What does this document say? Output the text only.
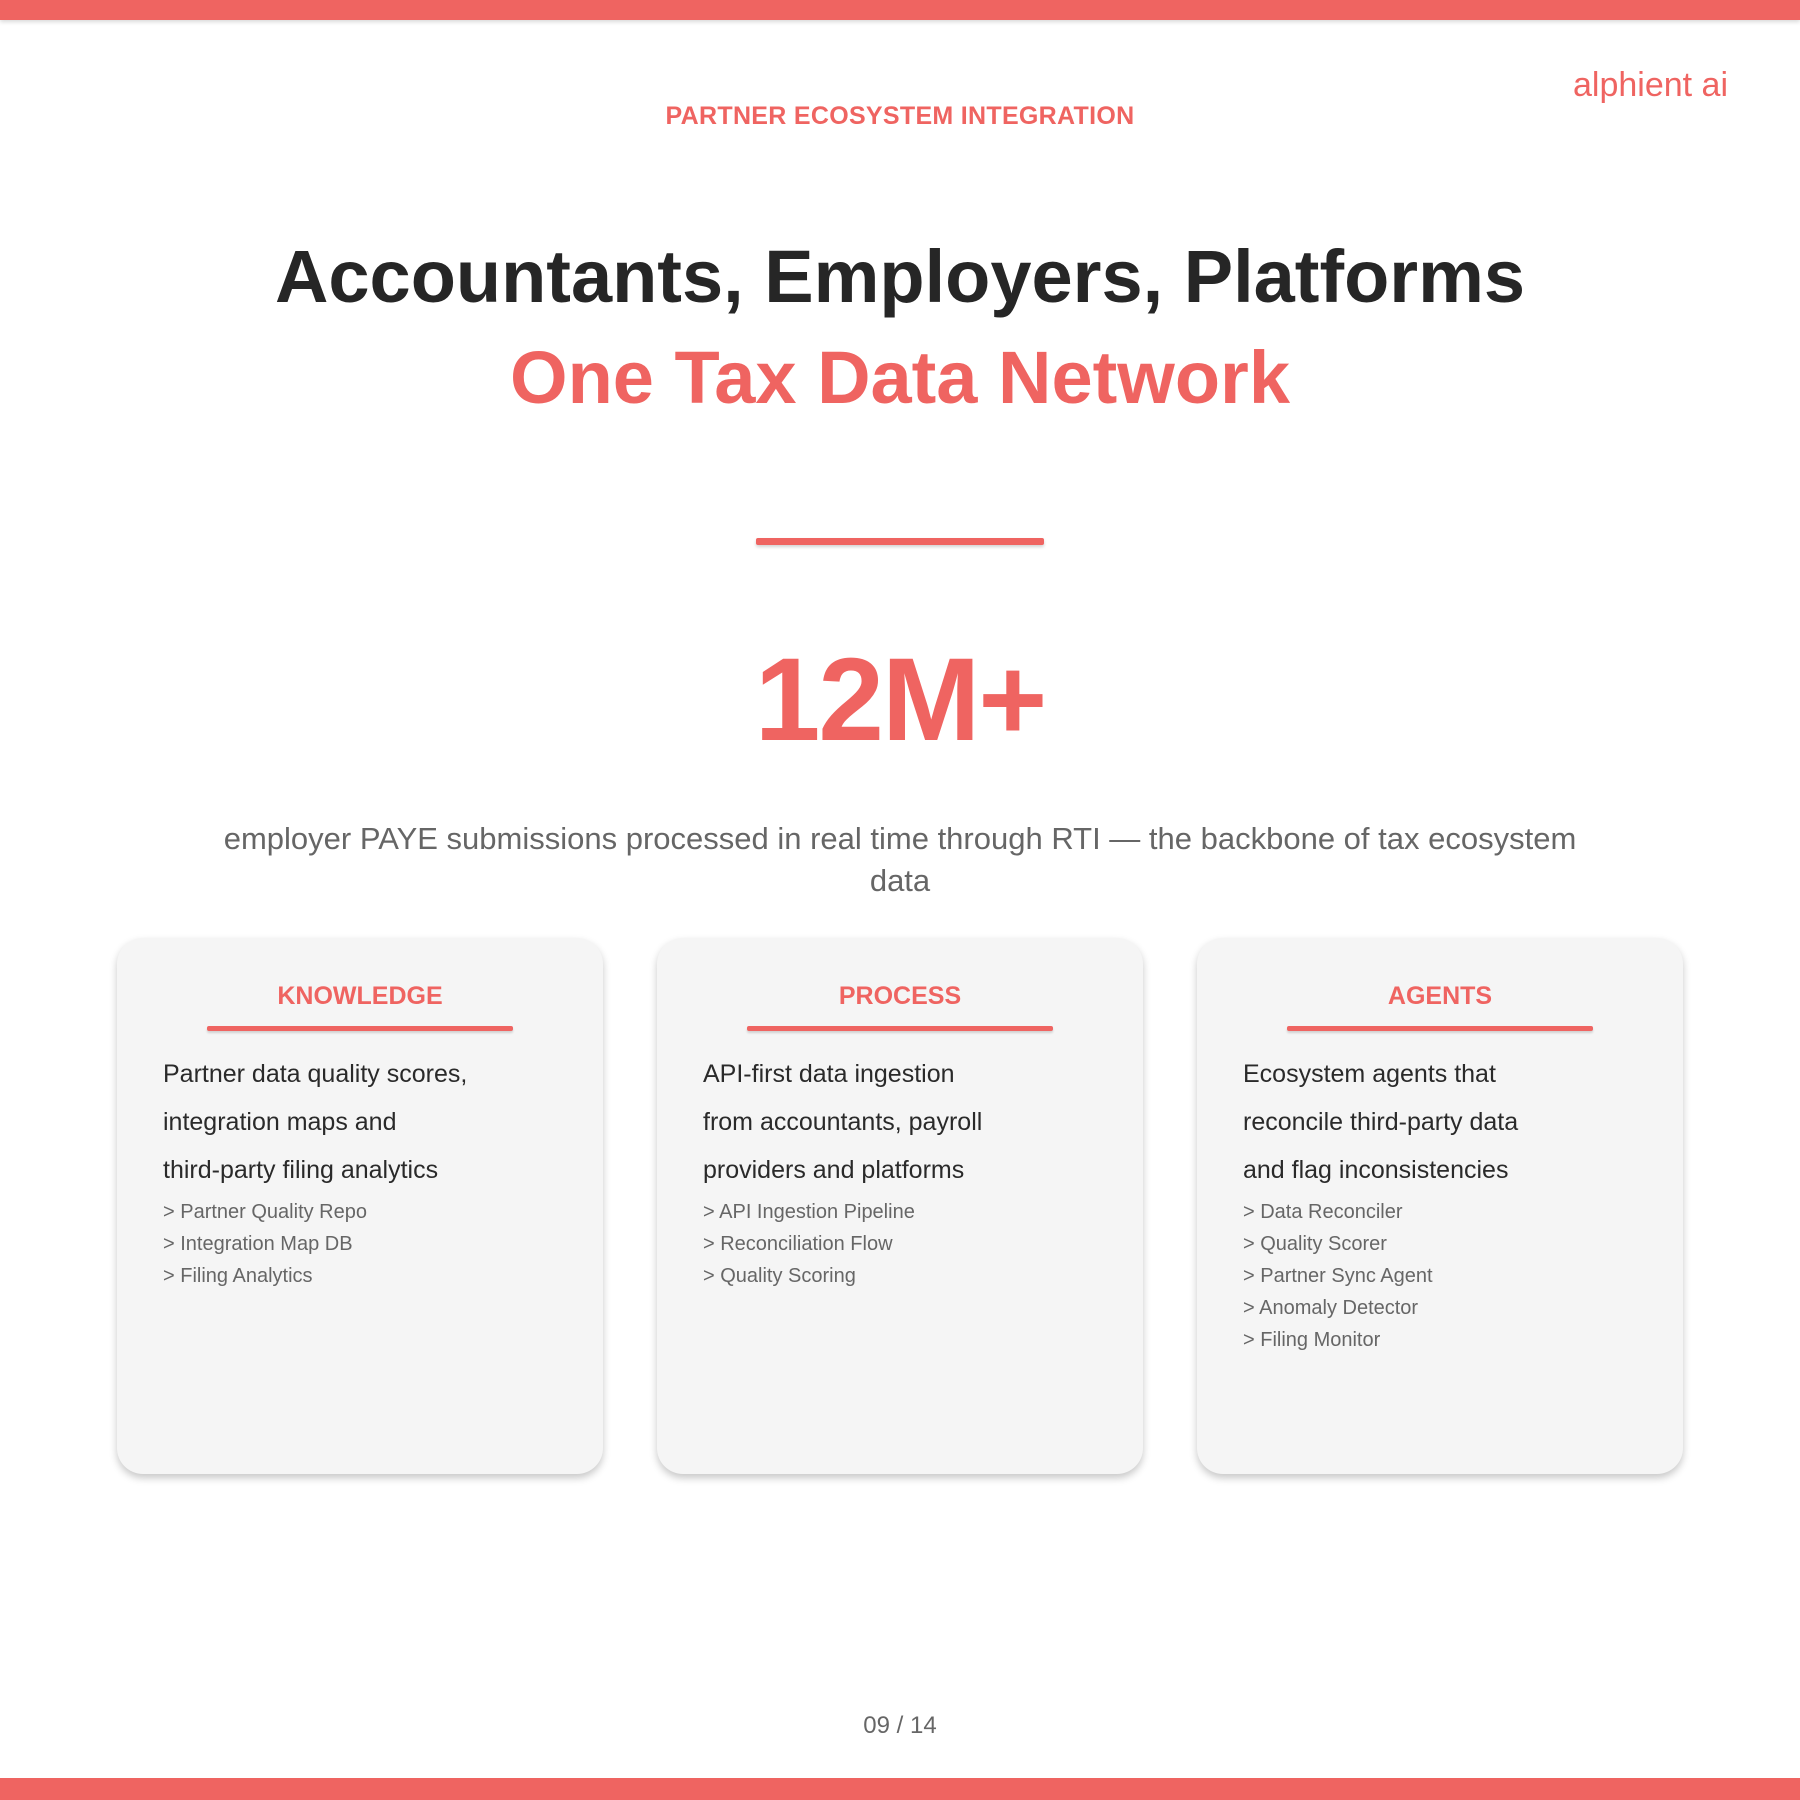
alphient ai
PARTNER ECOSYSTEM INTEGRATION
Accountants, Employers, Platforms
One Tax Data Network
12M+
employer PAYE submissions processed in real time through RTI — the backbone of tax ecosystem data
KNOWLEDGE
Partner data quality scores,
integration maps and
third-party filing analytics
> Partner Quality Repo
> Integration Map DB
> Filing Analytics
PROCESS
API-first data ingestion
from accountants, payroll
providers and platforms
> API Ingestion Pipeline
> Reconciliation Flow
> Quality Scoring
AGENTS
Ecosystem agents that
reconcile third-party data
and flag inconsistencies
> Data Reconciler
> Quality Scorer
> Partner Sync Agent
> Anomaly Detector
> Filing Monitor
09 / 14
